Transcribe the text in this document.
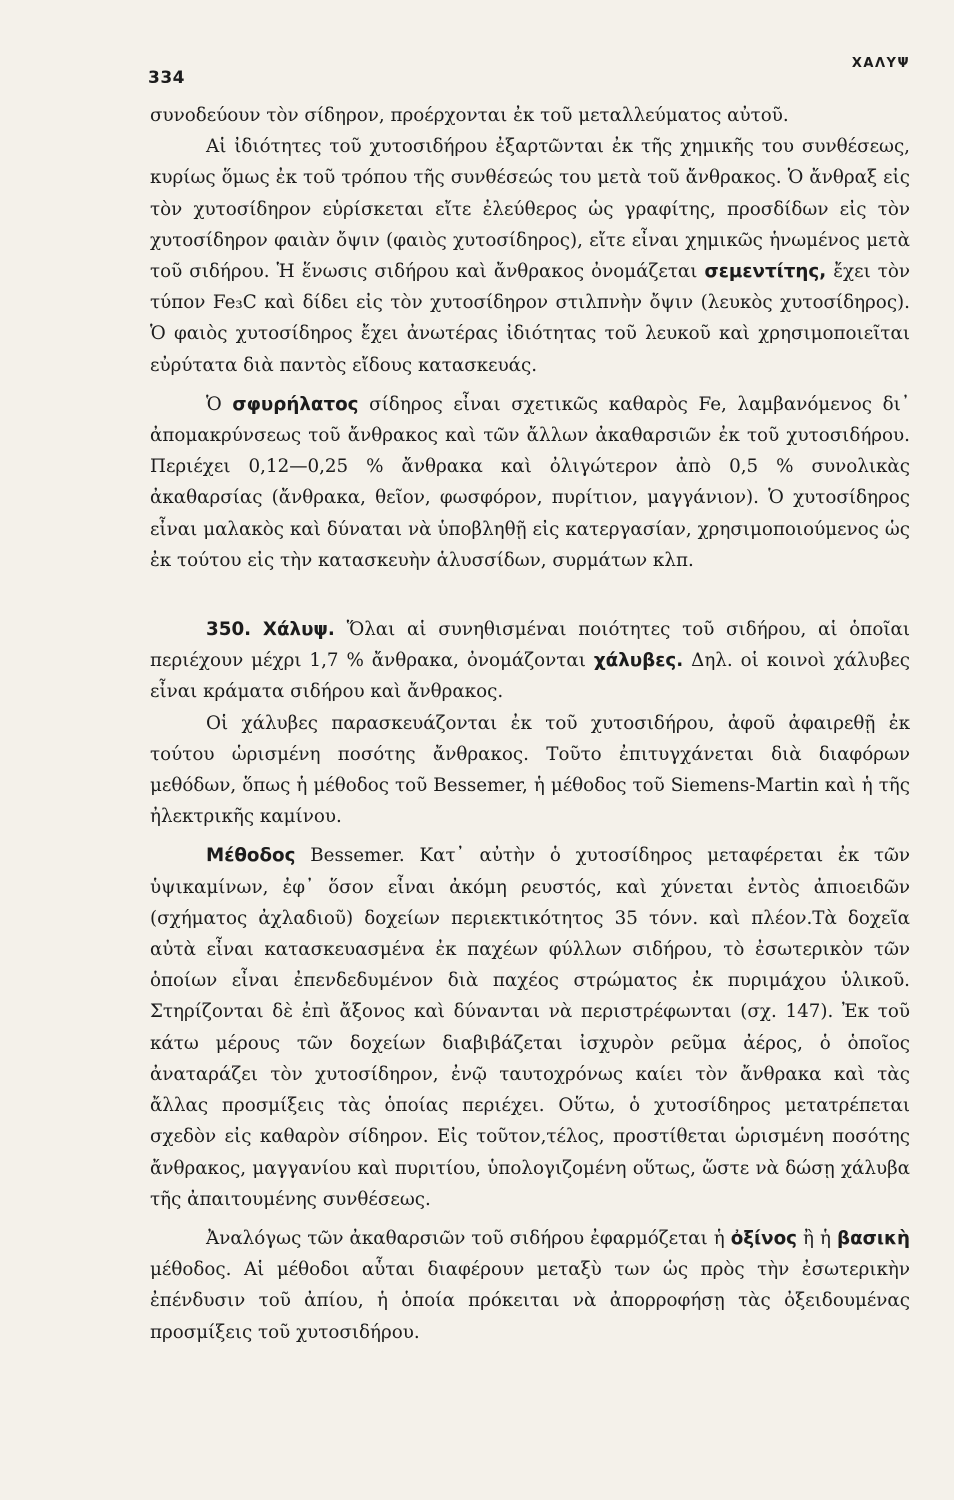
334
ΧΑΛΥΨ

συνοδεύουν τὸν σίδηρον, προέρχονται ἐκ τοῦ μεταλλεύματος αὐτοῦ.

Αἱ ἰδιότητες τοῦ χυτοσιδήρου ἐξαρτῶνται ἐκ τῆς χημικῆς του συνθέσεως, κυρίως ὅμως ἐκ τοῦ τρόπου τῆς συνθέσεώς του μετὰ τοῦ ἄνθρακος. Ὁ ἄνθραξ εἰς τὸν χυτοσίδηρον εὑρίσκεται εἴτε ἐλεύθερος ὡς γραφίτης, προσδίδων εἰς τὸν χυτοσίδηρον φαιὰν ὄψιν (φαιὸς χυτοσίδηρος), εἴτε εἶναι χημικῶς ἡνωμένος μετὰ τοῦ σιδήρου. Ἡ ἕνωσις σιδήρου καὶ ἄνθρακος ὀνομάζεται σεμεντίτης, ἔχει τὸν τύπον Fe₃C καὶ δίδει εἰς τὸν χυτοσίδηρον στιλπνὴν ὄψιν (λευκὸς χυτοσίδηρος). Ὁ φαιὸς χυτοσίδηρος ἔχει ἀνωτέρας ἰδιότητας τοῦ λευκοῦ καὶ χρησιμοποιεῖται εὐρύτατα διὰ παντὸς εἴδους κατασκευάς.

Ὁ σφυρήλατος σίδηρος εἶναι σχετικῶς καθαρὸς Fe, λαμβανόμενος δι᾽ ἀπομακρύνσεως τοῦ ἄνθρακος καὶ τῶν ἄλλων ἀκαθαρσιῶν ἐκ τοῦ χυτοσιδήρου. Περιέχει 0,12—0,25 % ἄνθρακα καὶ ὀλιγώτερον ἀπὸ 0,5 % συνολικὰς ἀκαθαρσίας (ἄνθρακα, θεῖον, φωσφόρον, πυρίτιον, μαγγάνιον). Ὁ χυτοσίδηρος εἶναι μαλακὸς καὶ δύναται νὰ ὑποβληθῇ εἰς κατεργασίαν, χρησιμοποιούμενος ὡς ἐκ τούτου εἰς τὴν κατασκευὴν ἁλυσσίδων, συρμάτων κλπ.

350. Χάλυψ. Ὅλαι αἱ συνηθισμέναι ποιότητες τοῦ σιδήρου, αἱ ὁποῖαι περιέχουν μέχρι 1,7 % ἄνθρακα, ὀνομάζονται χάλυβες. Δηλ. οἱ κοινοὶ χάλυβες εἶναι κράματα σιδήρου καὶ ἄνθρακος.

Οἱ χάλυβες παρασκευάζονται ἐκ τοῦ χυτοσιδήρου, ἀφοῦ ἀφαιρεθῇ ἐκ τούτου ὡρισμένη ποσότης ἄνθρακος. Τοῦτο ἐπιτυγχάνεται διὰ διαφόρων μεθόδων, ὅπως ἡ μέθοδος τοῦ Bessemer, ἡ μέθοδος τοῦ Siemens-Martin καὶ ἡ τῆς ἠλεκτρικῆς καμίνου.

Μέθοδος Bessemer. Κατ᾽ αὐτὴν ὁ χυτοσίδηρος μεταφέρεται ἐκ τῶν ὑψικαμίνων, ἐφ᾽ ὅσον εἶναι ἀκόμη ρευστός, καὶ χύνεται ἐντὸς ἀπιοειδῶν (σχήματος ἀχλαδιοῦ) δοχείων περιεκτικότητος 35 τόνν. καὶ πλέον.Τὰ δοχεῖα αὐτὰ εἶναι κατασκευασμένα ἐκ παχέων φύλλων σιδήρου, τὸ ἐσωτερικὸν τῶν ὁποίων εἶναι ἐπενδεδυμένον διὰ παχέος στρώματος ἐκ πυριμάχου ὑλικοῦ. Στηρίζονται δὲ ἐπὶ ἄξονος καὶ δύνανται νὰ περιστρέφωνται (σχ. 147). Ἐκ τοῦ κάτω μέρους τῶν δοχείων διαβιβάζεται ἰσχυρὸν ρεῦμα ἀέρος, ὁ ὁποῖος ἀναταράζει τὸν χυτοσίδηρον, ἐνῷ ταυτοχρόνως καίει τὸν ἄνθρακα καὶ τὰς ἄλλας προσμίξεις τὰς ὁποίας περιέχει. Οὕτω, ὁ χυτοσίδηρος μετατρέπεται σχεδὸν εἰς καθαρὸν σίδηρον. Εἰς τοῦτον,τέλος, προστίθεται ὡρισμένη ποσότης ἄνθρακος, μαγγανίου καὶ πυριτίου, ὑπολογιζομένη οὕτως, ὥστε νὰ δώσῃ χάλυβα τῆς ἀπαιτουμένης συνθέσεως.

Ἀναλόγως τῶν ἀκαθαρσιῶν τοῦ σιδήρου ἐφαρμόζεται ἡ ὀξίνος ἢ ἡ βασικὴ μέθοδος. Αἱ μέθοδοι αὗται διαφέρουν μεταξὺ των ὡς πρὸς τὴν ἐσωτερικὴν ἐπένδυσιν τοῦ ἀπίου, ἡ ὁποία πρόκειται νὰ ἀπορροφήσῃ τὰς ὀξειδουμένας προσμίξεις τοῦ χυτοσιδήρου.
